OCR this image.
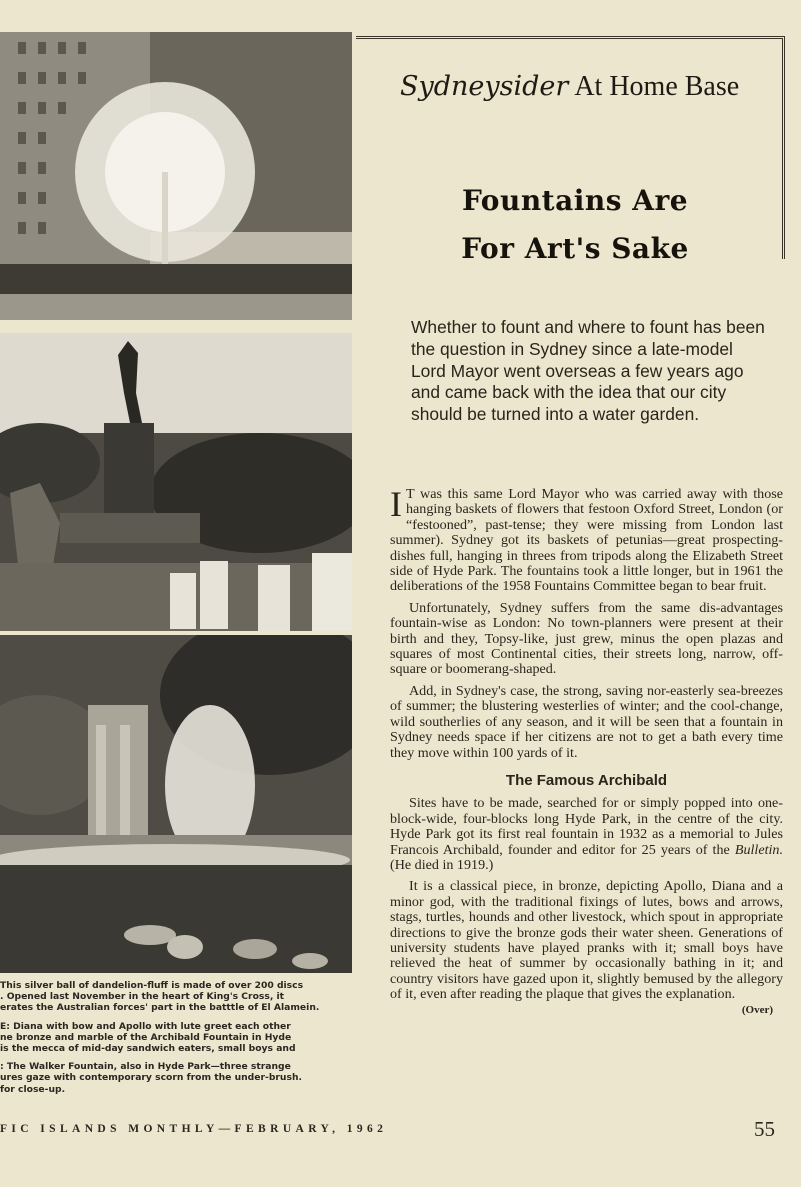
This silver ball of dandelion-fluff is made of over 200 discs
. Opened last November in the heart of King's Cross, it
erates the Australian forces' part in the batttle of El Alamein.

E: Diana with bow and Apollo with lute greet each other
ne bronze and marble of the Archibald Fountain in Hyde
is the mecca of mid-day sandwich eaters, small boys and

: The Walker Fountain, also in Hyde Park—three strange
ures gaze with contemporary scorn from the under-brush.
for close-up.

Sydneysider At Home Base
Fountains Are
For Art's Sake
Whether to fount and where to fount has been the question in Sydney since a late-model Lord Mayor went overseas a few years ago and came back with the idea that our city should be turned into a water garden.

I T was this same Lord Mayor who was carried away with those hanging baskets of flowers that festoon Oxford Street, London (or “festooned”, past-tense; they were missing from London last summer). Sydney got its baskets of petunias—great prospecting-dishes full, hanging in threes from tripods along the Elizabeth Street side of Hyde Park. The fountains took a little longer, but in 1961 the deliberations of the 1958 Fountains Committee began to bear fruit.

Unfortunately, Sydney suffers from the same dis-advantages fountain-wise as London: No town-planners were present at their birth and they, Topsy-like, just grew, minus the open plazas and squares of most Continental cities, their streets long, narrow, off-square or boomerang-shaped.

Add, in Sydney's case, the strong, saving nor-easterly sea-breezes of summer; the blustering westerlies of winter; and the cool-change, wild southerlies of any season, and it will be seen that a fountain in Sydney needs space if her citizens are not to get a bath every time they move within 100 yards of it.

The Famous Archibald

Sites have to be made, searched for or simply popped into one-block-wide, four-blocks long Hyde Park, in the centre of the city. Hyde Park got its first real fountain in 1932 as a memorial to Jules Francois Archibald, founder and editor for 25 years of the Bulletin. (He died in 1919.)

It is a classical piece, in bronze, depicting Apollo, Diana and a minor god, with the traditional fixings of lutes, bows and arrows, stags, turtles, hounds and other livestock, which spout in appropriate directions to give the bronze gods their water sheen. Generations of university students have played pranks with it; small boys have relieved the heat of summer by occasionally bathing in it; and country visitors have gazed upon it, slightly bemused by the allegory of it, even after reading the plaque that gives the explanation.
(Over)

FIC ISLANDS MONTHLY—FEBRUARY, 1962	55
